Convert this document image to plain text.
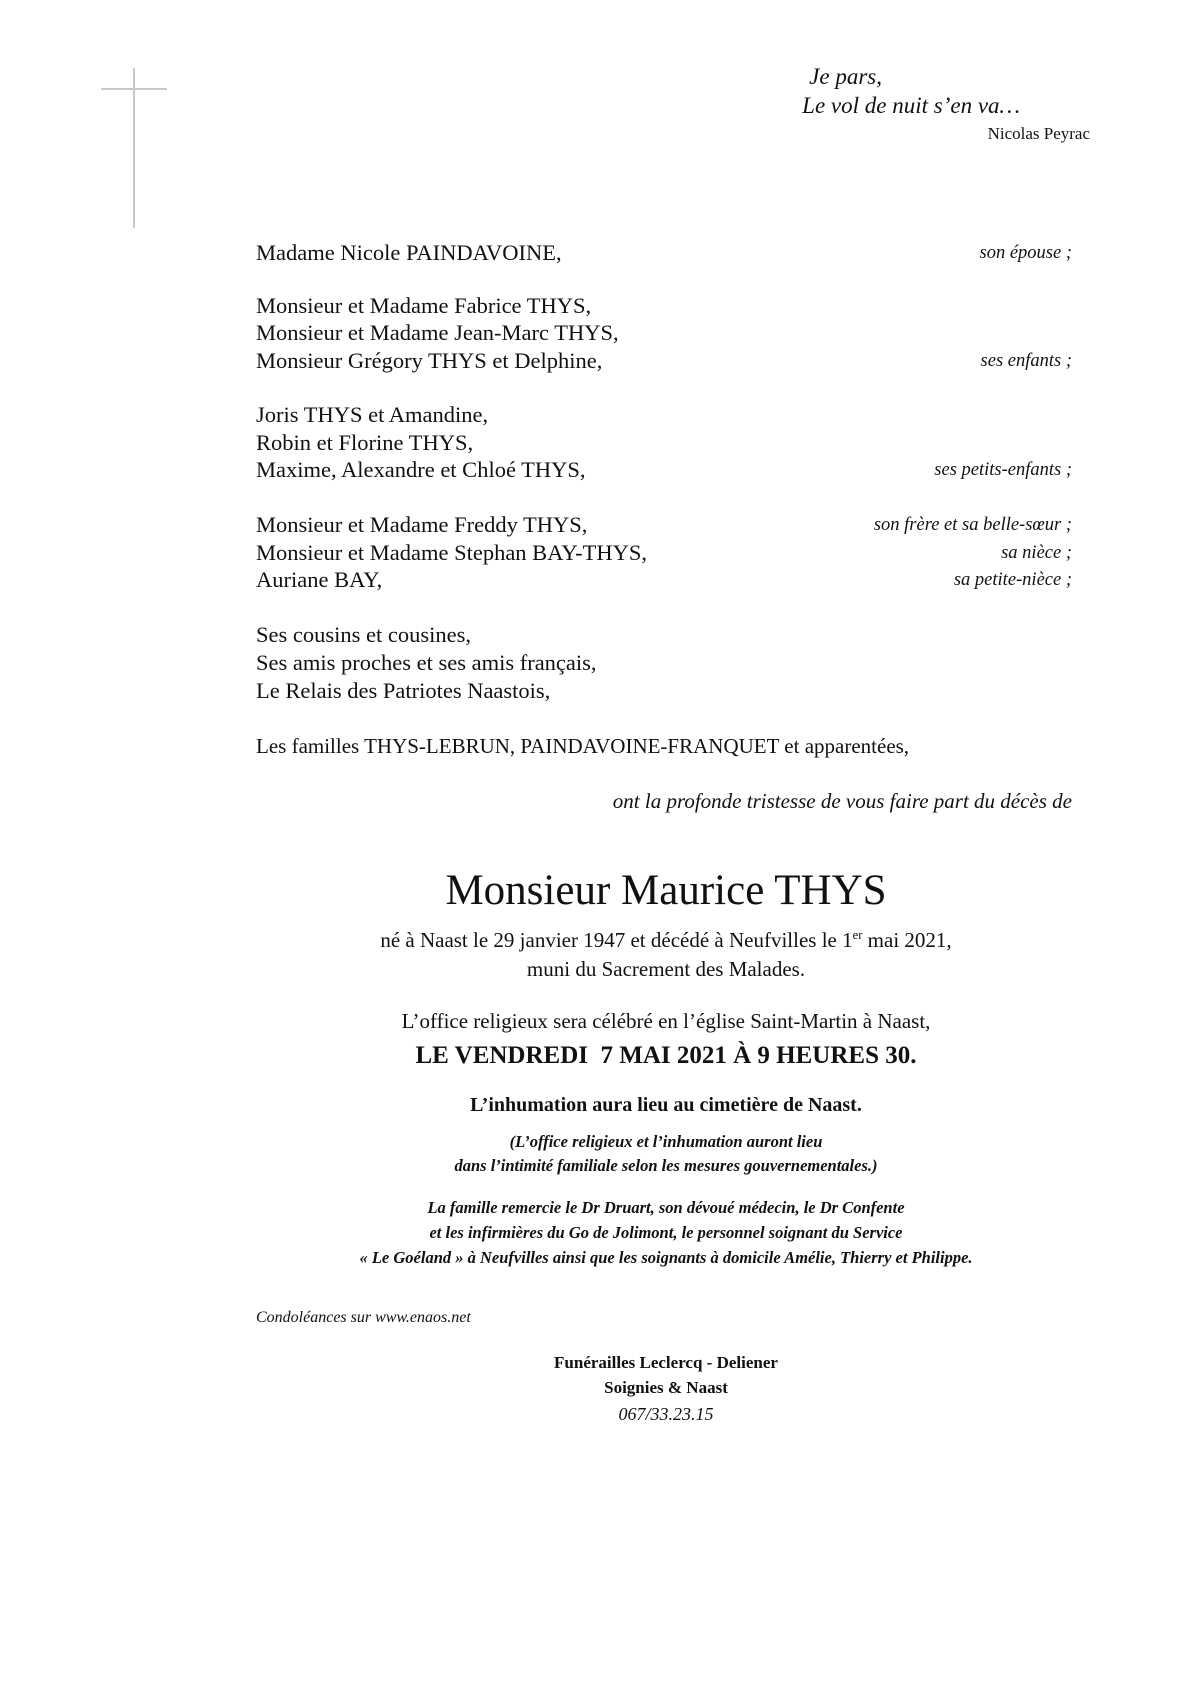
Je pars,
Le vol de nuit s’en va…
Nicolas Peyrac
Madame Nicole PAINDAVOINE,	son épouse ;
Monsieur et Madame Fabrice THYS,
Monsieur et Madame Jean-Marc THYS,
Monsieur Grégory THYS et Delphine,	ses enfants ;
Joris THYS et Amandine,
Robin et Florine THYS,
Maxime, Alexandre et Chloé THYS,	ses petits-enfants ;
Monsieur et Madame Freddy THYS,	son frère et sa belle-sœur ;
Monsieur et Madame Stephan BAY-THYS,	sa nièce ;
Auriane BAY,	sa petite-nièce ;
Ses cousins et cousines,
Ses amis proches et ses amis français,
Le Relais des Patriotes Naastois,
Les familles THYS-LEBRUN, PAINDAVOINE-FRANQUET et apparentées,
ont la profonde tristesse de vous faire part du décès de
Monsieur Maurice THYS
né à Naast le 29 janvier 1947 et décédé à Neufvilles le 1er mai 2021,
muni du Sacrement des Malades.
L’office religieux sera célébré en l’église Saint-Martin à Naast,
LE VENDREDI  7 MAI 2021 À 9 HEURES 30.
L’inhumation aura lieu au cimetière de Naast.
(L’office religieux et l’inhumation auront lieu
dans l’intimité familiale selon les mesures gouvernementales.)
La famille remercie le Dr Druart, son dévoué médecin, le Dr Confente
et les infirmières du Go de Jolimont, le personnel soignant du Service
« Le Goéland » à Neufvilles ainsi que les soignants à domicile Amélie, Thierry et Philippe.
Condoléances sur www.enaos.net
Funérailles Leclercq - Deliener
Soignies & Naast
067/33.23.15
